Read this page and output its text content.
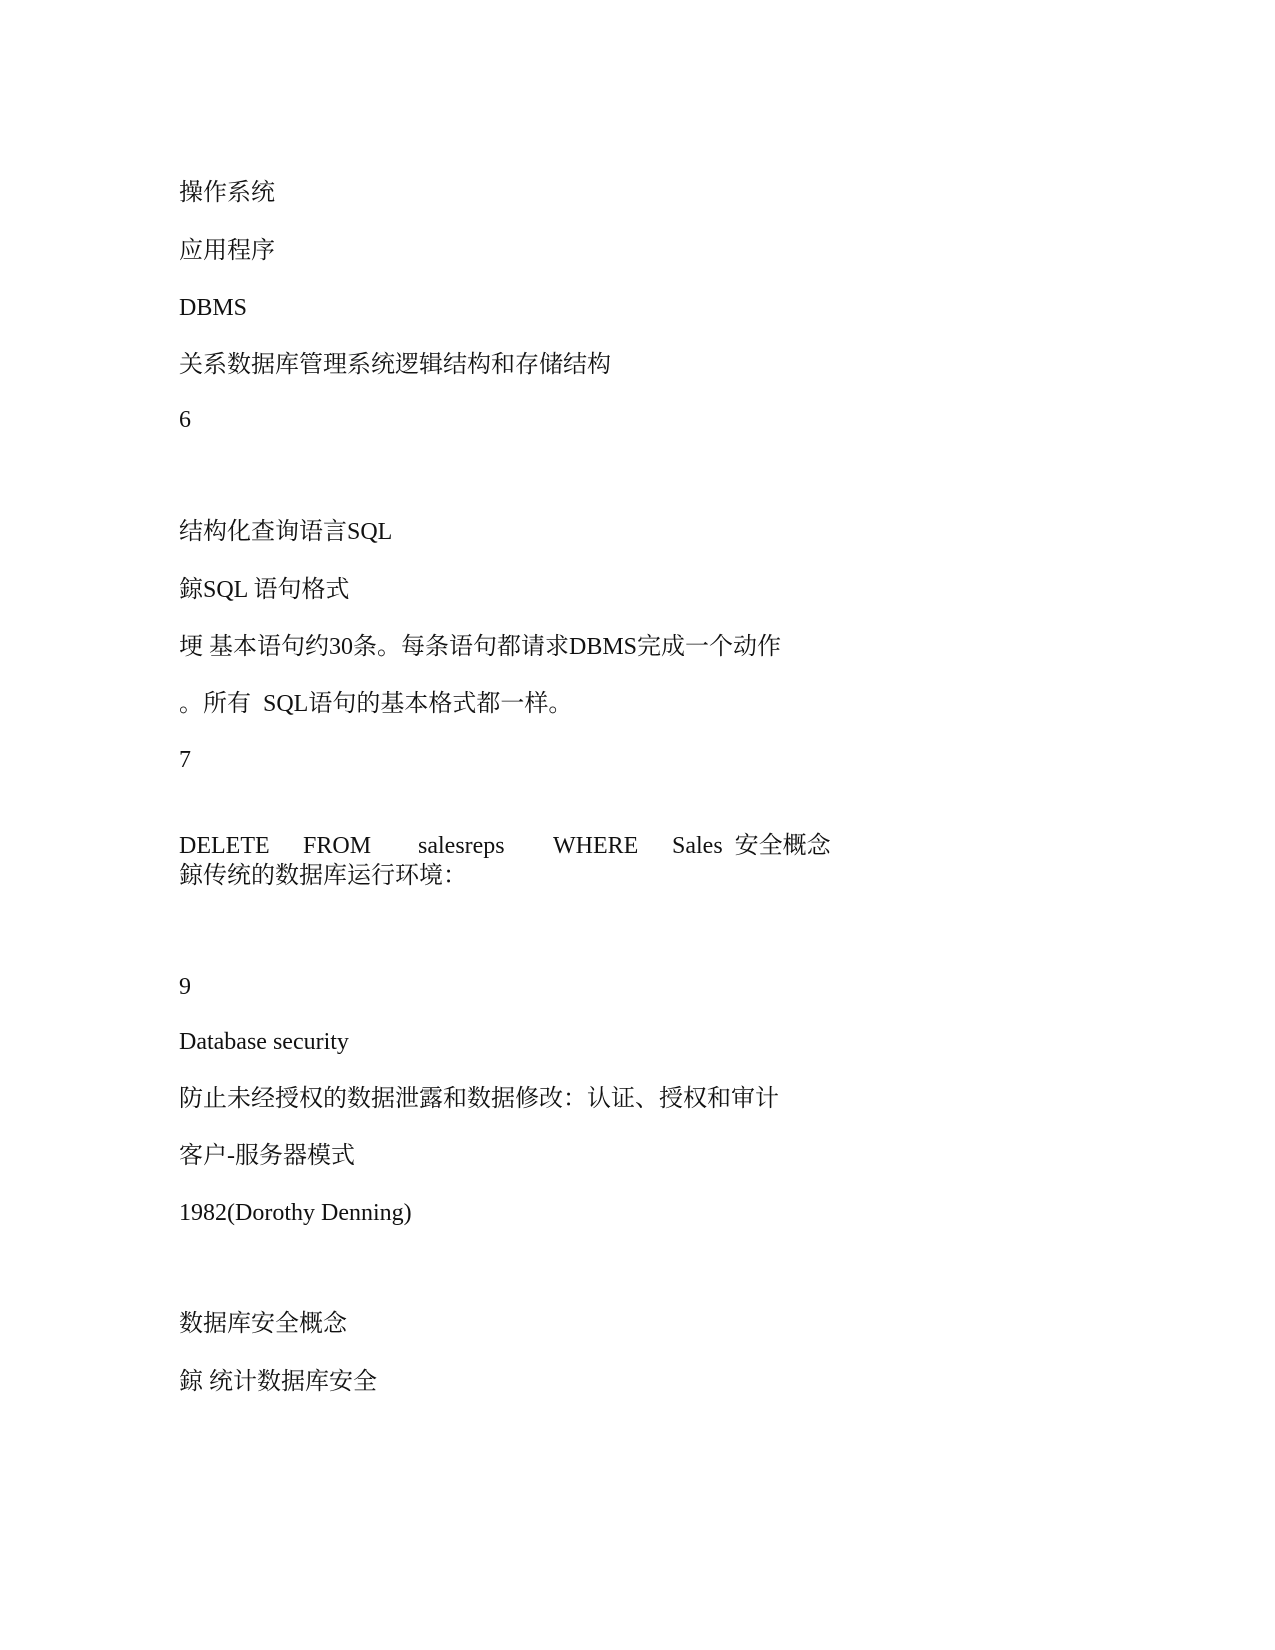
操作系统
应用程序
DBMS
关系数据库管理系统逻辑结构和存储结构
6
结构化查询语言SQL
鍄SQL 语句格式
埂 基本语句约30条。每条语句都请求DBMS完成一个动作
。所有  SQL语句的基本格式都一样。
7

DELETE

FROM

salesreps

WHERE

Sales  安全概念

鍄传统的数据库运行环境：
9
Database security
防止未经授权的数据泄露和数据修改：认证、授权和审计
客户-服务器模式
1982(Dorothy Denning)
数据库安全概念
鍄 统计数据库安全
